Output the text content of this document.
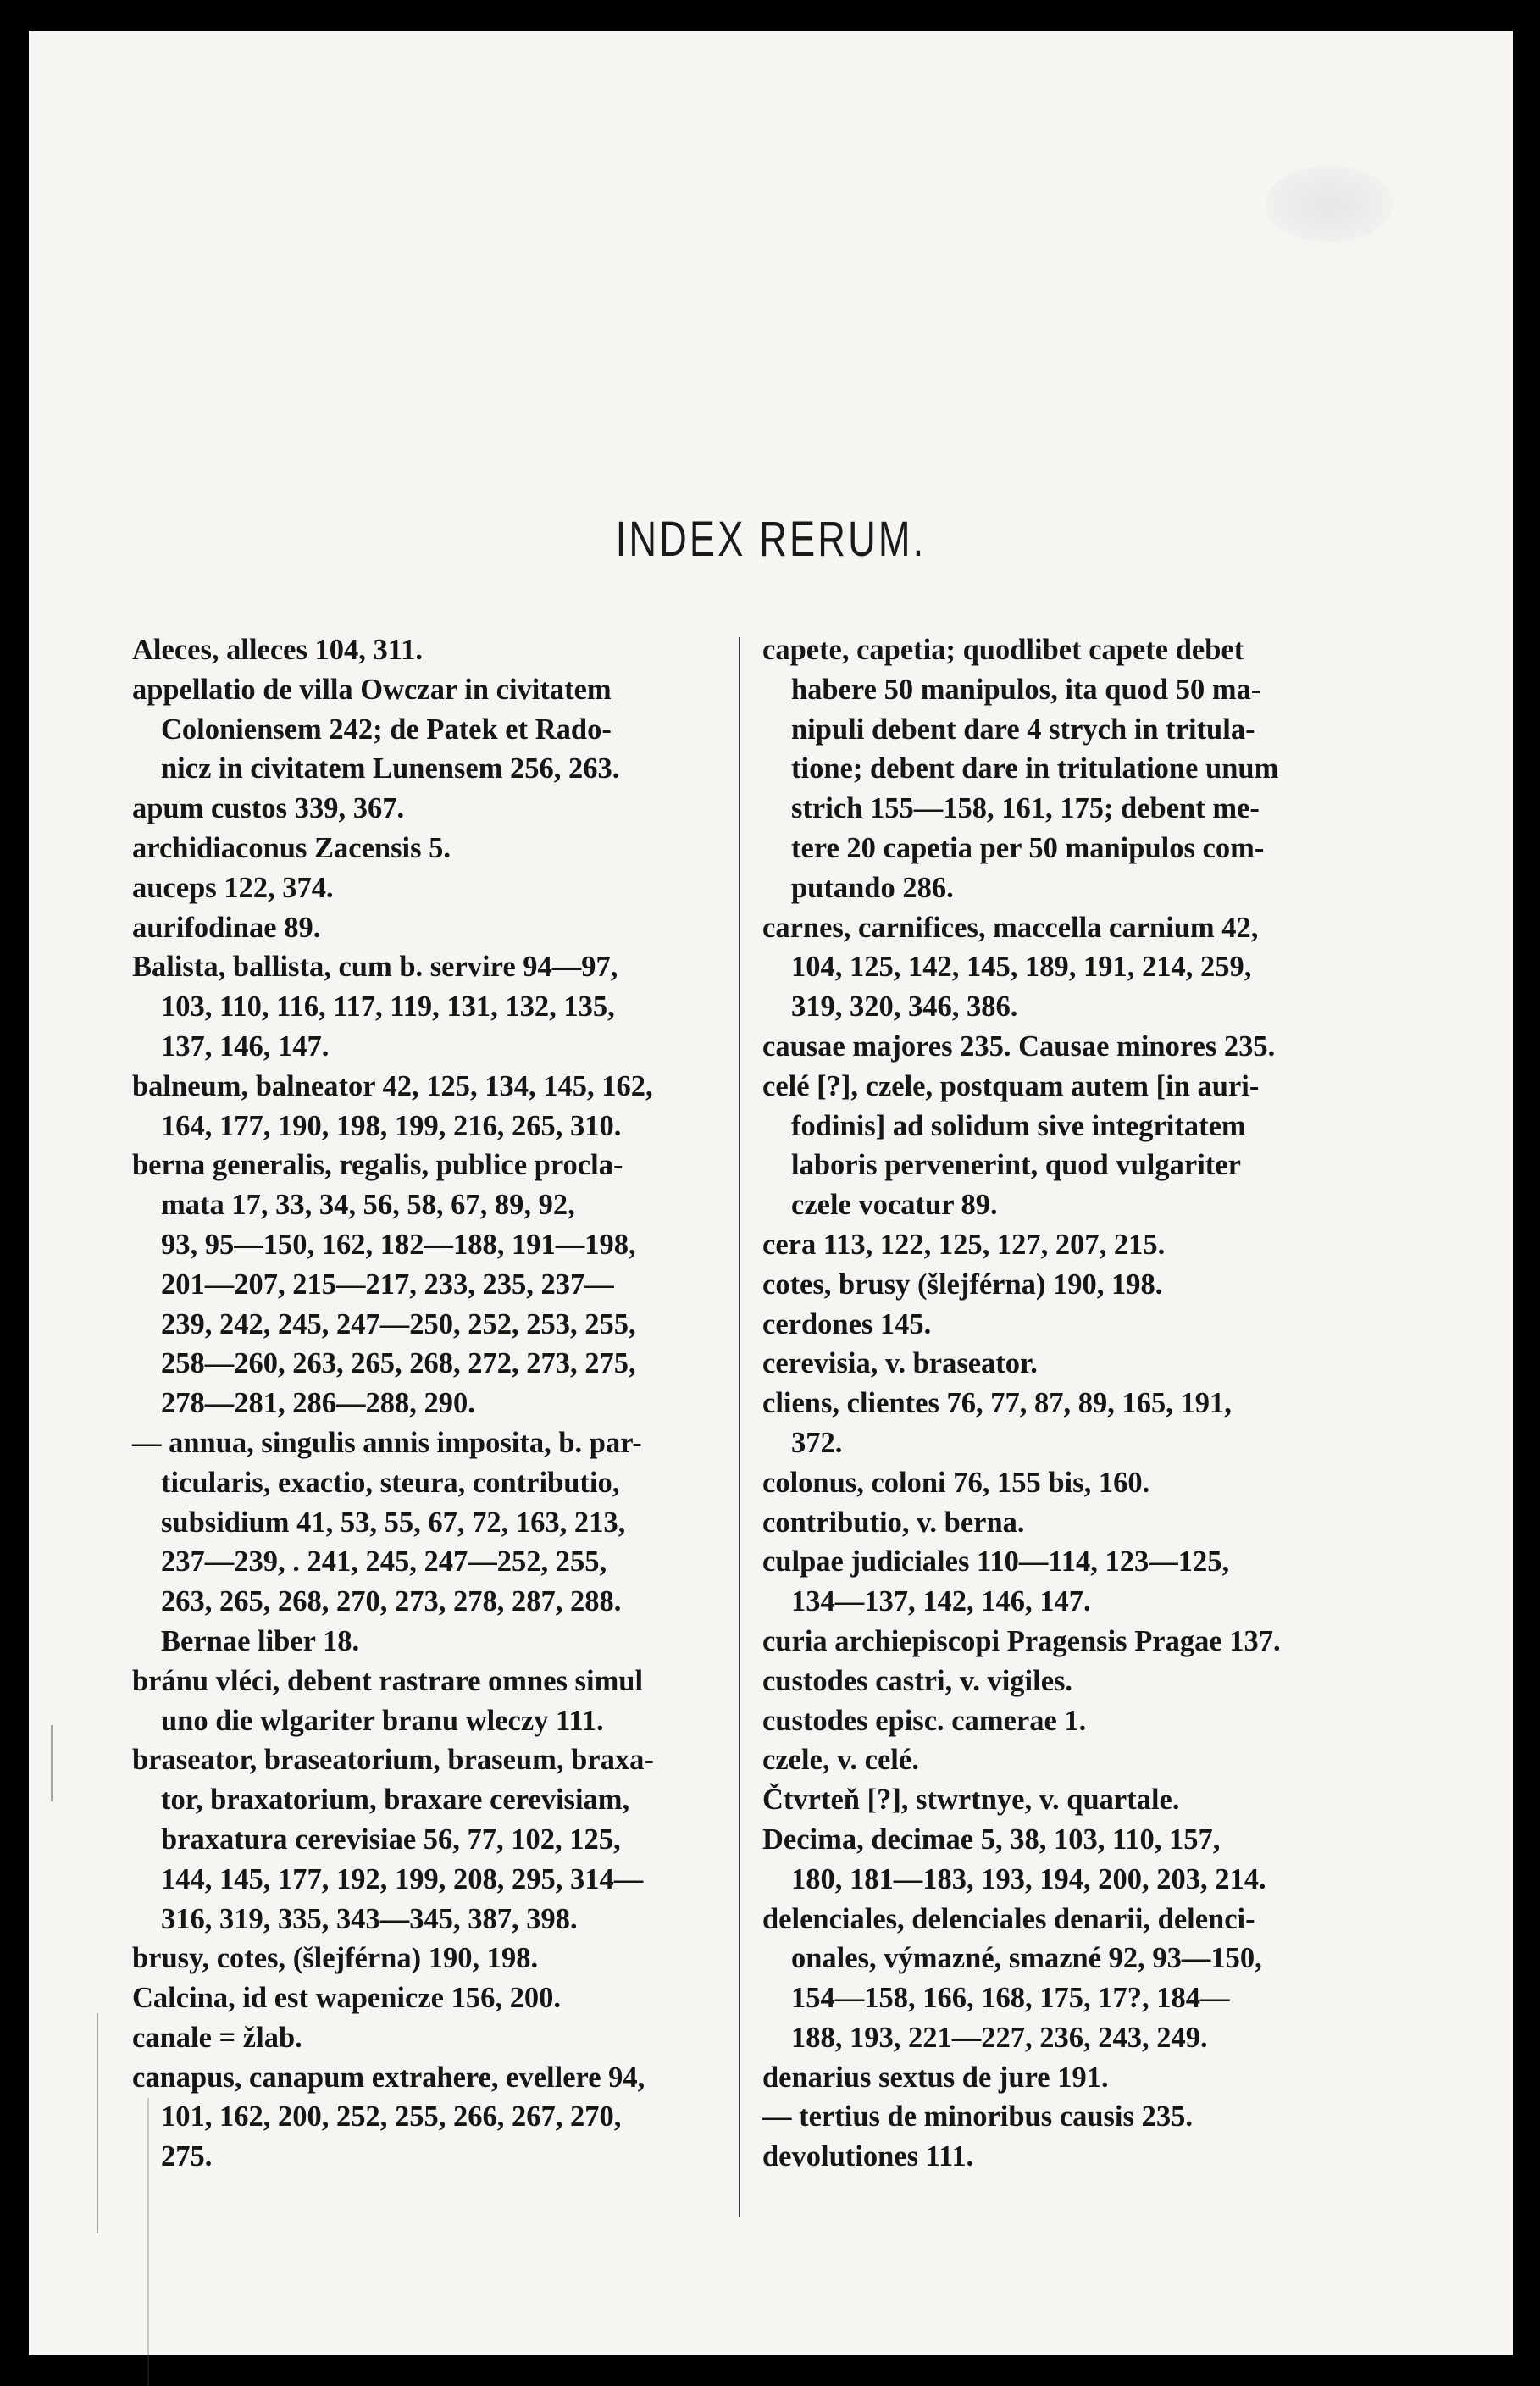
INDEX RERUM.
Aleces, alleces 104, 311.
appellatio de villa Owczar in civitatem
Coloniensem 242; de Patek et Rado-
nicz in civitatem Lunensem 256, 263.
apum custos 339, 367.
archidiaconus Zacensis 5.
auceps 122, 374.
aurifodinae 89.
Balista, ballista, cum b. servire 94—97,
103, 110, 116, 117, 119, 131, 132, 135,
137, 146, 147.
balneum, balneator 42, 125, 134, 145, 162,
164, 177, 190, 198, 199, 216, 265, 310.
berna generalis, regalis, publice procla-
mata 17, 33, 34, 56, 58, 67, 89, 92,
93, 95—150, 162, 182—188, 191—198,
201—207, 215—217, 233, 235, 237—
239, 242, 245, 247—250, 252, 253, 255,
258—260, 263, 265, 268, 272, 273, 275,
278—281, 286—288, 290.
— annua, singulis annis imposita, b. par-
ticularis, exactio, steura, contributio,
subsidium 41, 53, 55, 67, 72, 163, 213,
237—239, . 241, 245, 247—252, 255,
263, 265, 268, 270, 273, 278, 287, 288.
Bernae liber 18.
bránu vléci, debent rastrare omnes simul
uno die wlgariter branu wleczy 111.
braseator, braseatorium, braseum, braxa-
tor, braxatorium, braxare cerevisiam,
braxatura cerevisiae 56, 77, 102, 125,
144, 145, 177, 192, 199, 208, 295, 314—
316, 319, 335, 343—345, 387, 398.
brusy, cotes, (šlejférna) 190, 198.
Calcina, id est wapenicze 156, 200.
canale = žlab.
canapus, canapum extrahere, evellere 94,
101, 162, 200, 252, 255, 266, 267, 270,
275.
capete, capetia; quodlibet capete debet
habere 50 manipulos, ita quod 50 ma-
nipuli debent dare 4 strych in tritula-
tione; debent dare in tritulatione unum
strich 155—158, 161, 175; debent me-
tere 20 capetia per 50 manipulos com-
putando 286.
carnes, carnifices, maccella carnium 42,
104, 125, 142, 145, 189, 191, 214, 259,
319, 320, 346, 386.
causae majores 235. Causae minores 235.
celé [?], czele, postquam autem [in auri-
fodinis] ad solidum sive integritatem
laboris pervenerint, quod vulgariter
czele vocatur 89.
cera 113, 122, 125, 127, 207, 215.
cotes, brusy (šlejférna) 190, 198.
cerdones 145.
cerevisia, v. braseator.
cliens, clientes 76, 77, 87, 89, 165, 191,
372.
colonus, coloni 76, 155 bis, 160.
contributio, v. berna.
culpae judiciales 110—114, 123—125,
134—137, 142, 146, 147.
curia archiepiscopi Pragensis Pragae 137.
custodes castri, v. vigiles.
custodes episc. camerae 1.
czele, v. celé.
Čtvrteň [?], stwrtnye, v. quartale.
Decima, decimae 5, 38, 103, 110, 157,
180, 181—183, 193, 194, 200, 203, 214.
delenciales, delenciales denarii, delenci-
onales, výmazné, smazné 92, 93—150,
154—158, 166, 168, 175, 17?, 184—
188, 193, 221—227, 236, 243, 249.
denarius sextus de jure 191.
— tertius de minoribus causis 235.
devolutiones 111.
